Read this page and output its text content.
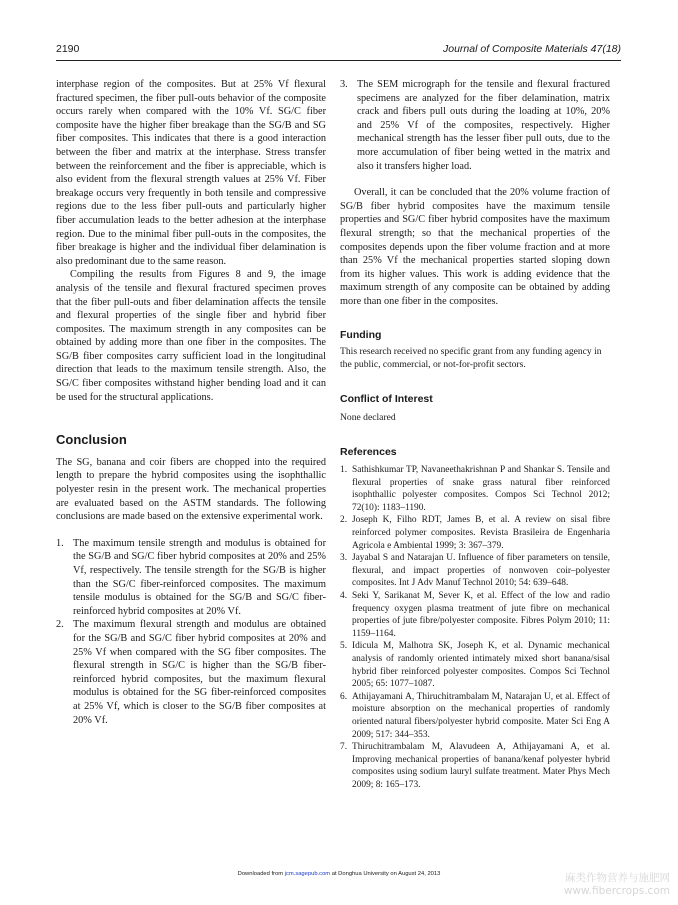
2190	Journal of Composite Materials 47(18)

interphase region of the composites. But at 25% Vf flexural fractured specimen, the fiber pull-outs behavior of the composite occurs rarely when compared with the 10% Vf. SG/C fiber composite have the higher fiber breakage than the SG/B and SG fiber composites. This indicates that there is a good interaction between the fiber and matrix at the interphase. Stress transfer between the reinforcement and the fiber is appreciable, which is also evident from the flexural strength values at 25% Vf. Fiber breakage occurs very frequently in both tensile and compressive regions due to the less fiber pull-outs and particularly higher fiber accumulation leads to the better adhesion at the interphase region. Due to the minimal fiber pull-outs in the composites, the fiber breakage is higher and the individual fiber delamination is also predominant due to the same reason.

Compiling the results from Figures 8 and 9, the image analysis of the tensile and flexural fractured specimen proves that the fiber pull-outs and fiber delamination affects the tensile and flexural properties of the single fiber and hybrid fiber composites. The maximum strength in any composites can be obtained by adding more than one fiber in the composites. The SG/B fiber composites carry sufficient load in the longitudinal direction that leads to the maximum tensile strength. Also, the SG/C fiber composites withstand higher bending load and it can be used for the structural applications.

Conclusion

The SG, banana and coir fibers are chopped into the required length to prepare the hybrid composites using the isophthallic polyester resin in the present work. The mechanical properties are evaluated based on the ASTM standards. The following conclusions are made based on the extensive experimental work.

1. The maximum tensile strength and modulus is obtained for the SG/B and SG/C fiber hybrid composites at 20% and 25% Vf, respectively. The tensile strength for the SG/B is higher than the SG/C fiber-reinforced composites. The maximum tensile modulus is obtained for the SG/B and SG/C fiber-reinforced hybrid composites at 20% Vf.
2. The maximum flexural strength and modulus are obtained for the SG/B and SG/C fiber hybrid composites at 20% and 25% Vf when compared with the SG fiber composites. The flexural strength in SG/C is higher than the SG/B fiber-reinforced hybrid composites, but the maximum flexural modulus is obtained for the SG fiber-reinforced composites at 25% Vf, which is closer to the SG/B fiber composites at 20% Vf.
3. The SEM micrograph for the tensile and flexural fractured specimens are analyzed for the fiber delamination, matrix crack and fibers pull outs during the loading at 10%, 20% and 25% Vf of the composites, respectively. Higher mechanical strength has the lesser fiber pull outs, due to the more accumulation of fiber being wetted in the matrix and also it transfers higher load.

Overall, it can be concluded that the 20% volume fraction of SG/B fiber hybrid composites have the maximum tensile properties and SG/C fiber hybrid composites have the maximum flexural strength; so that the mechanical properties of the composites depends upon the fiber volume fraction and at more than 25% Vf the mechanical properties started sloping down from its higher values. This work is adding evidence that the maximum strength of any composite can be obtained by adding more than one fiber in the composites.

Funding

This research received no specific grant from any funding agency in the public, commercial, or not-for-profit sectors.

Conflict of Interest

None declared

References
1. Sathishkumar TP, Navaneethakrishnan P and Shankar S. Tensile and flexural properties of snake grass natural fiber reinforced isophthallic polyester composites. Compos Sci Technol 2012; 72(10): 1183–1190.
2. Joseph K, Filho RDT, James B, et al. A review on sisal fibre reinforced polymer composites. Revista Brasileira de Engenharia Agricola e Ambiental 1999; 3: 367–379.
3. Jayabal S and Natarajan U. Influence of fiber parameters on tensile, flexural, and impact properties of nonwoven coir–polyester composites. Int J Adv Manuf Technol 2010; 54: 639–648.
4. Seki Y, Sarikanat M, Sever K, et al. Effect of the low and radio frequency oxygen plasma treatment of jute fibre on mechanical properties of jute fibre/polyester composite. Fibres Polym 2010; 11: 1159–1164.
5. Idicula M, Malhotra SK, Joseph K, et al. Dynamic mechanical analysis of randomly oriented intimately mixed short banana/sisal hybrid fiber reinforced polyester composites. Compos Sci Technol 2005; 65: 1077–1087.
6. Athijayamani A, Thiruchitrambalam M, Natarajan U, et al. Effect of moisture absorption on the mechanical properties of randomly oriented natural fibers/polyester hybrid composite. Mater Sci Eng A 2009; 517: 344–353.
7. Thiruchitrambalam M, Alavudeen A, Athijayamani A, et al. Improving mechanical properties of banana/kenaf polyester hybrid composites using sodium lauryl sulfate treatment. Mater Phys Mech 2009; 8: 165–173.
Downloaded from jcm.sagepub.com at Donghua University on August 24, 2013	麻类作物营养与施肥网
www.fibercrops.com
